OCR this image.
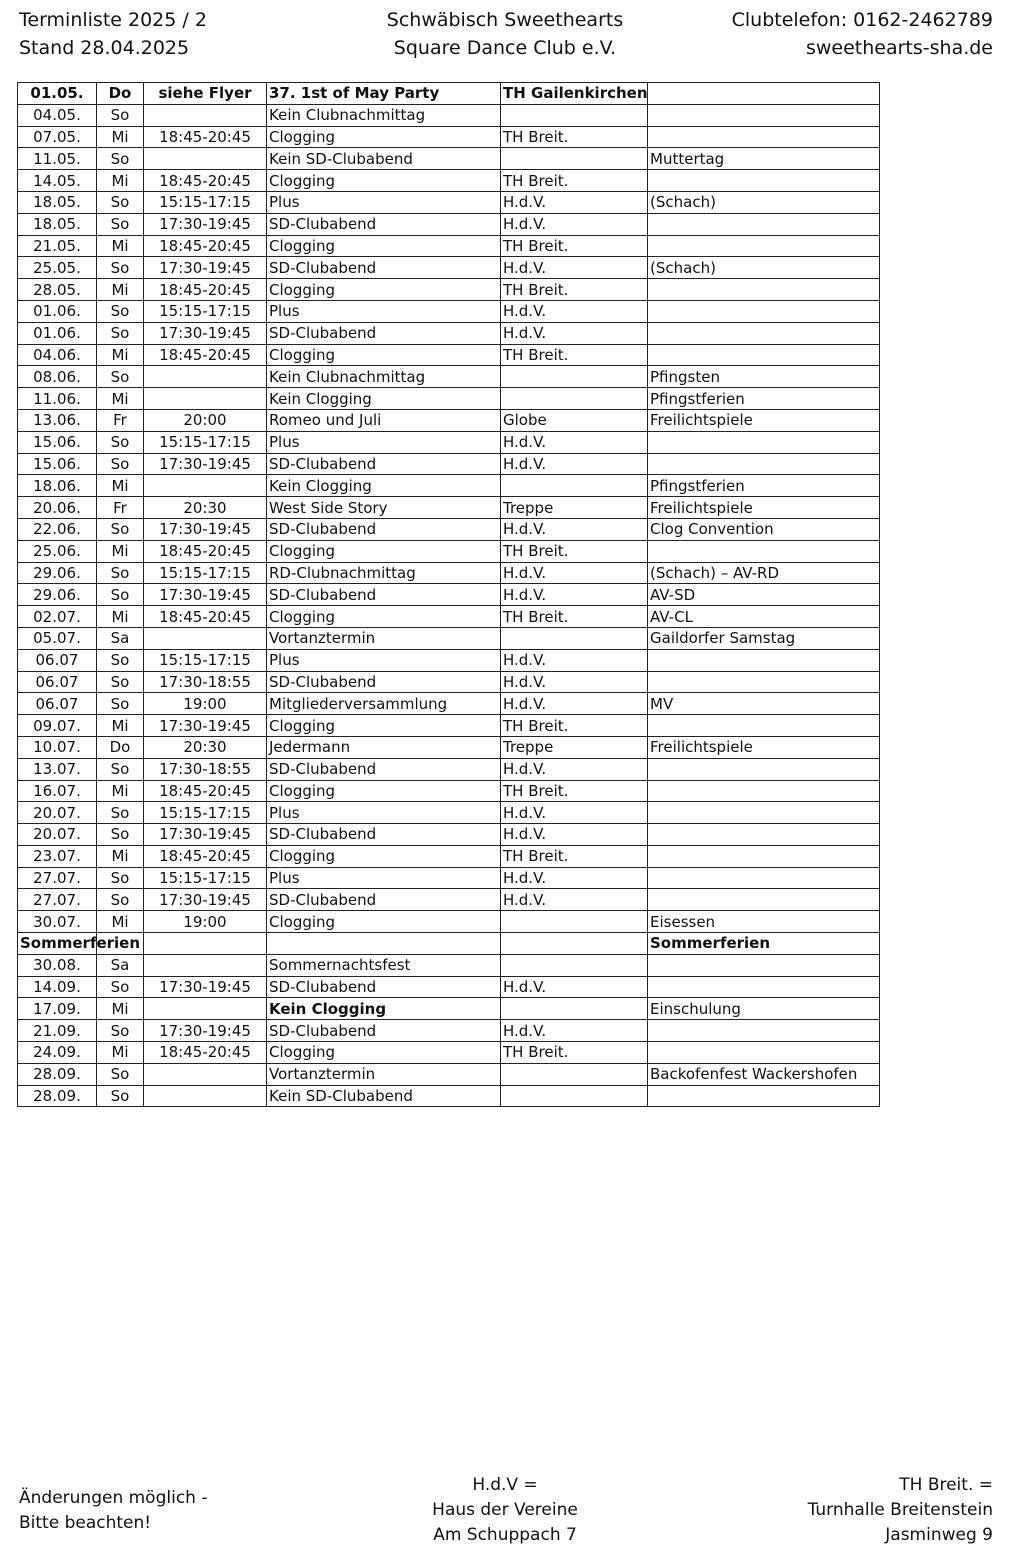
Terminliste 2025 / 2
Stand 28.04.2025
Schwäbisch Sweethearts
Square Dance Club e.V.
Clubtelefon: 0162-2462789
sweethearts-sha.de
01.05.	Do	siehe Flyer	37. 1st of May Party	TH Gailenkirchen	
04.05.	So		Kein Clubnachmittag		
07.05.	Mi	18:45-20:45	Clogging	TH Breit.	
11.05.	So		Kein SD-Clubabend		Muttertag
14.05.	Mi	18:45-20:45	Clogging	TH Breit.	
18.05.	So	15:15-17:15	Plus	H.d.V.	(Schach)
18.05.	So	17:30-19:45	SD-Clubabend	H.d.V.	
21.05.	Mi	18:45-20:45	Clogging	TH Breit.	
25.05.	So	17:30-19:45	SD-Clubabend	H.d.V.	(Schach)
28.05.	Mi	18:45-20:45	Clogging	TH Breit.	
01.06.	So	15:15-17:15	Plus	H.d.V.	
01.06.	So	17:30-19:45	SD-Clubabend	H.d.V.	
04.06.	Mi	18:45-20:45	Clogging	TH Breit.	
08.06.	So		Kein Clubnachmittag		Pfingsten
11.06.	Mi		Kein Clogging		Pfingstferien
13.06.	Fr	20:00	Romeo und Juli	Globe	Freilichtspiele
15.06.	So	15:15-17:15	Plus	H.d.V.	
15.06.	So	17:30-19:45	SD-Clubabend	H.d.V.	
18.06.	Mi		Kein Clogging		Pfingstferien
20.06.	Fr	20:30	West Side Story	Treppe	Freilichtspiele
22.06.	So	17:30-19:45	SD-Clubabend	H.d.V.	Clog Convention
25.06.	Mi	18:45-20:45	Clogging	TH Breit.	
29.06.	So	15:15-17:15	RD-Clubnachmittag	H.d.V.	(Schach) – AV-RD
29.06.	So	17:30-19:45	SD-Clubabend	H.d.V.	AV-SD
02.07.	Mi	18:45-20:45	Clogging	TH Breit.	AV-CL
05.07.	Sa		Vortanztermin		Gaildorfer Samstag
06.07	So	15:15-17:15	Plus	H.d.V.	
06.07	So	17:30-18:55	SD-Clubabend	H.d.V.	
06.07	So	19:00	Mitgliederversammlung	H.d.V.	MV
09.07.	Mi	17:30-19:45	Clogging	TH Breit.	
10.07.	Do	20:30	Jedermann	Treppe	Freilichtspiele
13.07.	So	17:30-18:55	SD-Clubabend	H.d.V.	
16.07.	Mi	18:45-20:45	Clogging	TH Breit.	
20.07.	So	15:15-17:15	Plus	H.d.V.	
20.07.	So	17:30-19:45	SD-Clubabend	H.d.V.	
23.07.	Mi	18:45-20:45	Clogging	TH Breit.	
27.07.	So	15:15-17:15	Plus	H.d.V.	
27.07.	So	17:30-19:45	SD-Clubabend	H.d.V.	
30.07.	Mi	19:00	Clogging		Eisessen
Sommerferien					Sommerferien
30.08.	Sa		Sommernachtsfest		
14.09.	So	17:30-19:45	SD-Clubabend	H.d.V.	
17.09.	Mi		Kein Clogging		Einschulung
21.09.	So	17:30-19:45	SD-Clubabend	H.d.V.	
24.09.	Mi	18:45-20:45	Clogging	TH Breit.	
28.09.	So		Vortanztermin		Backofenfest Wackershofen
28.09.	So		Kein SD-Clubabend		
Änderungen möglich -
Bitte beachten!
H.d.V =
Haus der Vereine
Am Schuppach 7
TH Breit. =
Turnhalle Breitenstein
Jasminweg 9
